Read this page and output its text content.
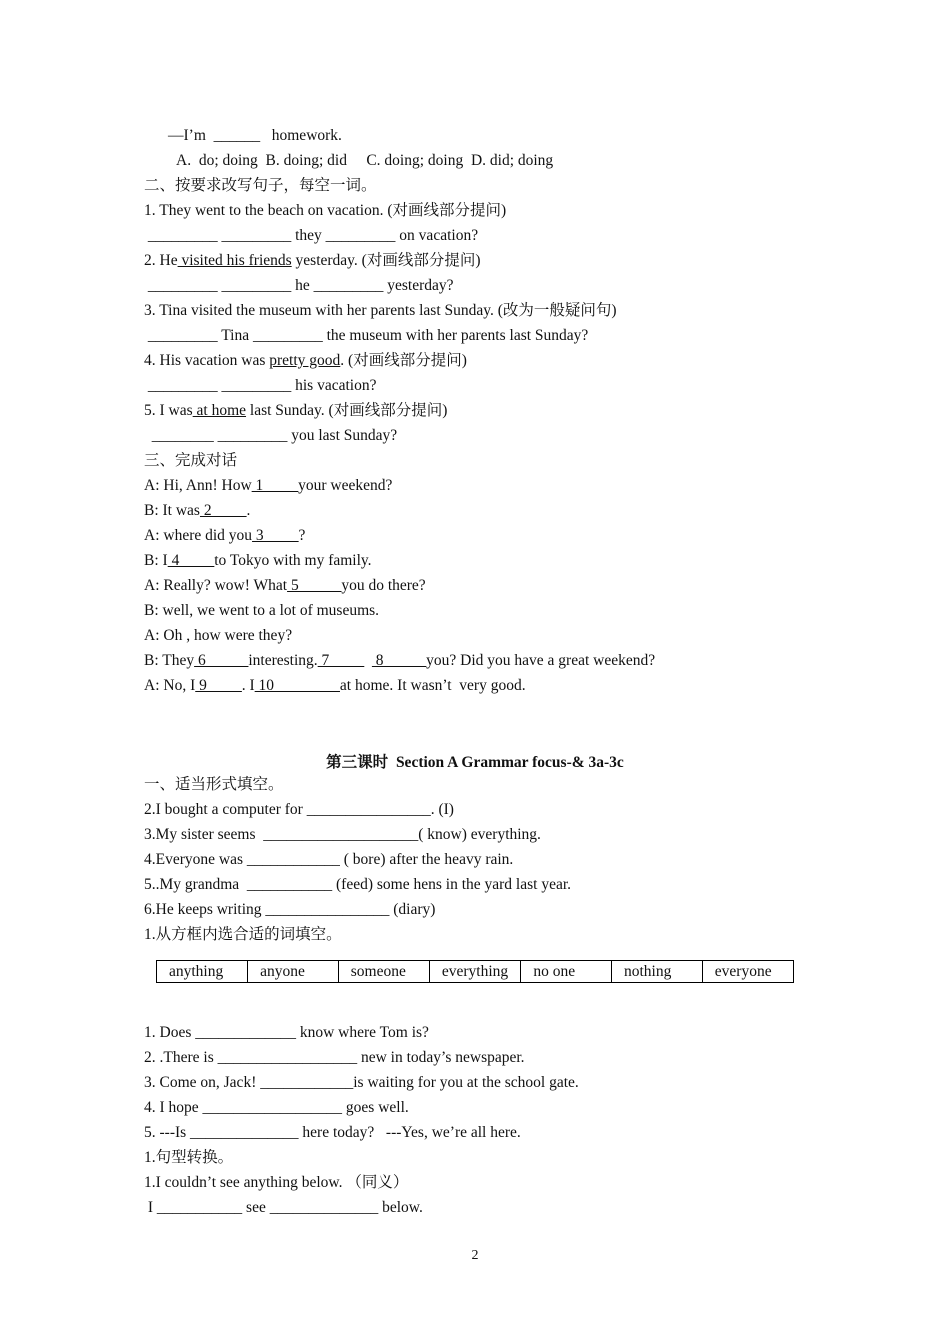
—I’m  ______   homework.
A.  do; doing  B. doing; did     C. doing; doing  D. did; doing
二、按要求改写句子，每空一词。
1. They went to the beach on vacation. (对画线部分提问)
_________ _________ they _________ on vacation?
2. He visited his friends yesterday. (对画线部分提问)
_________ _________ he _________ yesterday?
3. Tina visited the museum with her parents last Sunday. (改为一般疑问句)
_________ Tina _________ the museum with her parents last Sunday?
4. His vacation was pretty good. (对画线部分提问)
_________ _________ his vacation?
5. I was at home last Sunday. (对画线部分提问)
________ _________ you last Sunday?
三、完成对话
A: Hi, Ann! How 1 ____your weekend?
B: It was 2 ____.
A: where did you 3 ____?
B: I 4 ____to Tokyo with my family.
A: Really? wow! What 5 _____you do there?
B: well, we went to a lot of museums.
A: Oh , how were they?
B: They 6 _____interesting. 7 ____   8 _____you? Did you have a great weekend?
A: No, I 9 ____. I 10 ________at home. It wasn’t  very good.
第三课时  Section A Grammar focus-& 3a-3c
一、适当形式填空。
2.I bought a computer for ________________. (I)
3.My sister seems  ____________________( know) everything.
4.Everyone was ____________ ( bore) after the heavy rain.
5..My grandma  ___________ (feed) some hens in the yard last year.
6.He keeps writing ________________ (diary)
1.从方框内选合适的词填空。
anything	anyone	someone	everything	no one	nothing	everyone
1. Does _____________ know where Tom is?
2. .There is __________________ new in today’s newspaper.
3. Come on, Jack! ____________is waiting for you at the school gate.
4. I hope __________________ goes well.
5. ---Is ______________ here today?   ---Yes, we’re all here.
1.句型转换。
1.I couldn’t see anything below. （同义）
I ___________ see ______________ below.
2
